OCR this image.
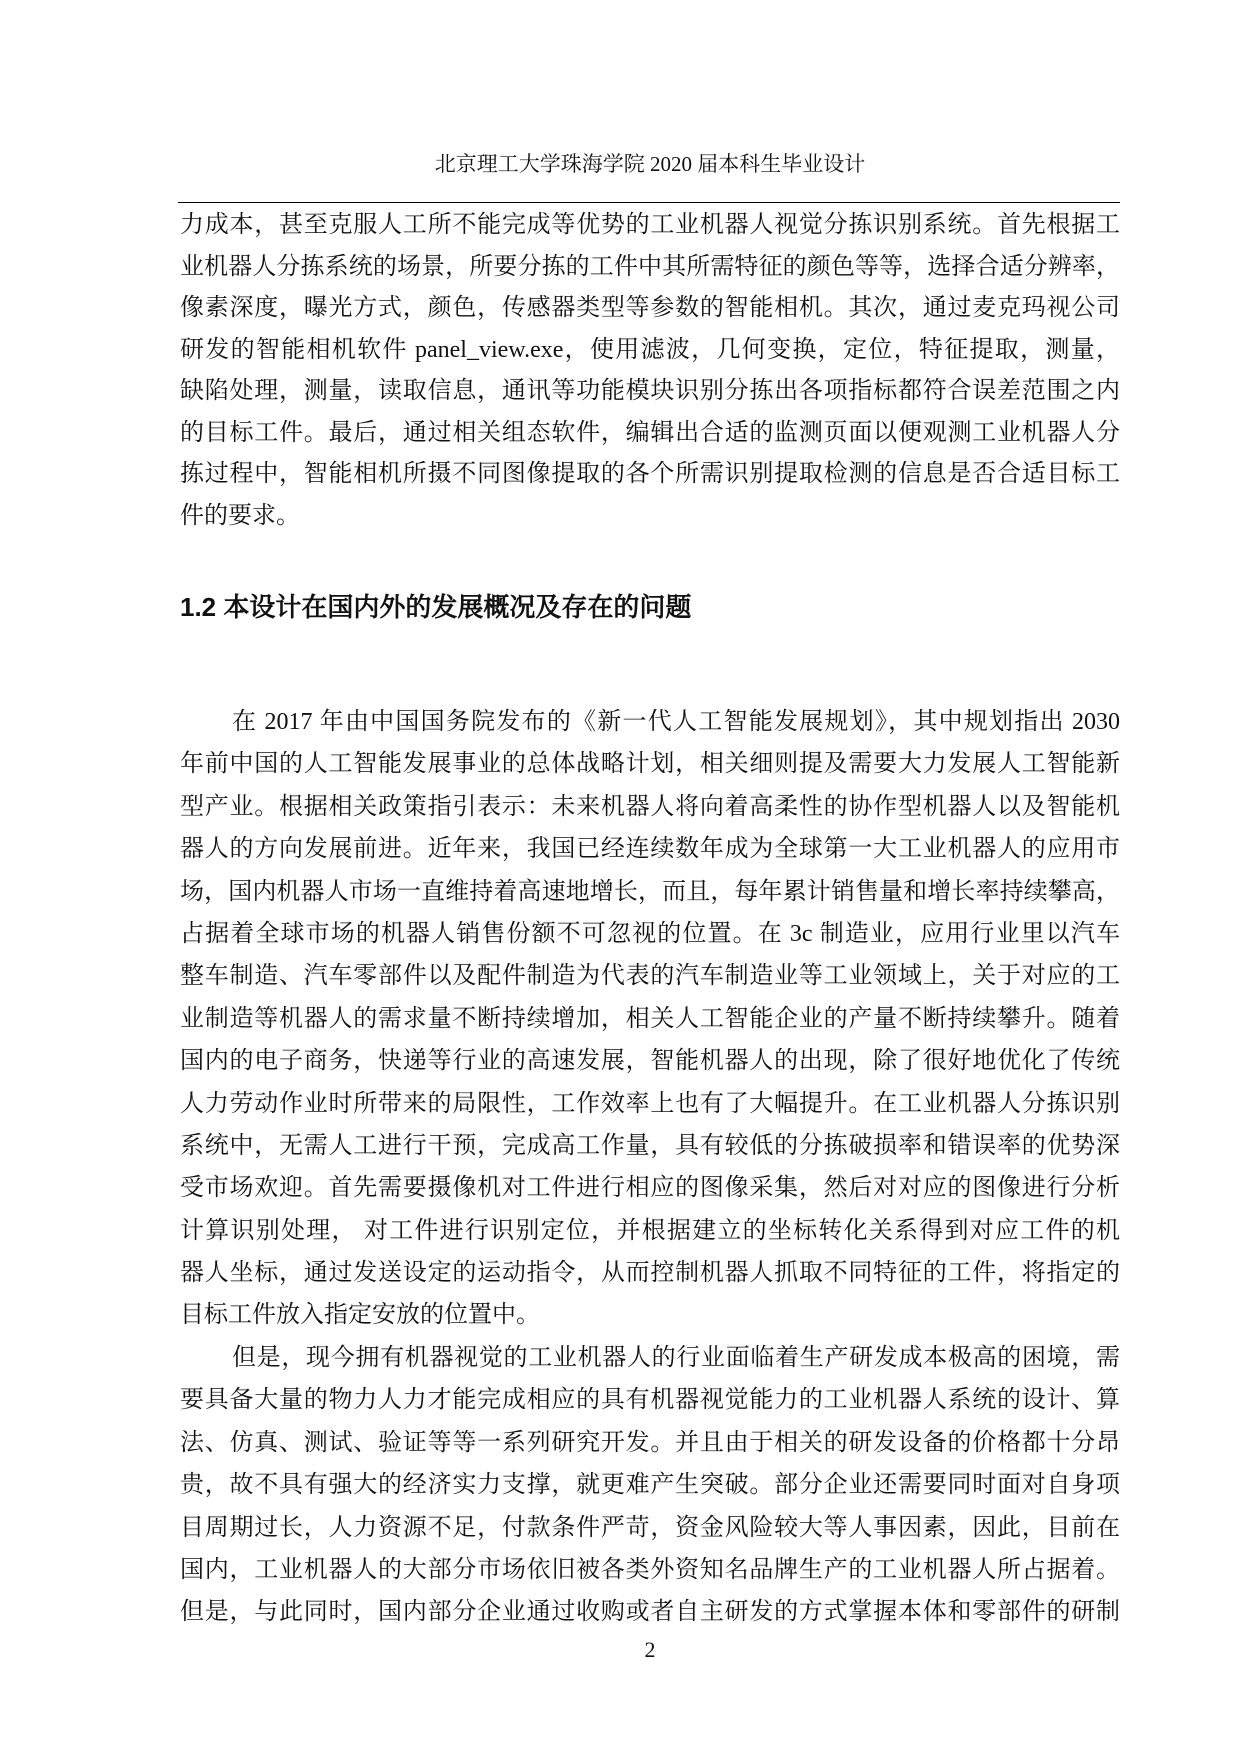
北京理工大学珠海学院 2020 届本科生毕业设计
力成本，甚至克服人工所不能完成等优势的工业机器人视觉分拣识别系统。首先根据工
业机器人分拣系统的场景，所要分拣的工件中其所需特征的颜色等等，选择合适分辨率，
像素深度，曝光方式，颜色，传感器类型等参数的智能相机。其次，通过麦克玛视公司
研发的智能相机软件 panel_view.exe，使用滤波，几何变换，定位，特征提取，测量，
缺陷处理，测量，读取信息，通讯等功能模块识别分拣出各项指标都符合误差范围之内
的目标工件。最后，通过相关组态软件，编辑出合适的监测页面以便观测工业机器人分
拣过程中，智能相机所摄不同图像提取的各个所需识别提取检测的信息是否合适目标工
件的要求。
1.2 本设计在国内外的发展概况及存在的问题
在 2017 年由中国国务院发布的《新一代人工智能发展规划》，其中规划指出 2030
年前中国的人工智能发展事业的总体战略计划，相关细则提及需要大力发展人工智能新
型产业。根据相关政策指引表示：未来机器人将向着高柔性的协作型机器人以及智能机
器人的方向发展前进。近年来，我国已经连续数年成为全球第一大工业机器人的应用市
场，国内机器人市场一直维持着高速地增长，而且，每年累计销售量和增长率持续攀高，
占据着全球市场的机器人销售份额不可忽视的位置。在 3c 制造业，应用行业里以汽车
整车制造、汽车零部件以及配件制造为代表的汽车制造业等工业领域上，关于对应的工
业制造等机器人的需求量不断持续增加，相关人工智能企业的产量不断持续攀升。随着
国内的电子商务，快递等行业的高速发展，智能机器人的出现，除了很好地优化了传统
人力劳动作业时所带来的局限性，工作效率上也有了大幅提升。在工业机器人分拣识别
系统中，无需人工进行干预，完成高工作量，具有较低的分拣破损率和错误率的优势深
受市场欢迎。首先需要摄像机对工件进行相应的图像采集，然后对对应的图像进行分析
计算识别处理， 对工件进行识别定位，并根据建立的坐标转化关系得到对应工件的机
器人坐标，通过发送设定的运动指令，从而控制机器人抓取不同特征的工件，将指定的
目标工件放入指定安放的位置中。
但是，现今拥有机器视觉的工业机器人的行业面临着生产研发成本极高的困境，需
要具备大量的物力人力才能完成相应的具有机器视觉能力的工业机器人系统的设计、算
法、仿真、测试、验证等等一系列研究开发。并且由于相关的研发设备的价格都十分昂
贵，故不具有强大的经济实力支撑，就更难产生突破。部分企业还需要同时面对自身项
目周期过长，人力资源不足，付款条件严苛，资金风险较大等人事因素，因此，目前在
国内，工业机器人的大部分市场依旧被各类外资知名品牌生产的工业机器人所占据着。
但是，与此同时，国内部分企业通过收购或者自主研发的方式掌握本体和零部件的研制
2
